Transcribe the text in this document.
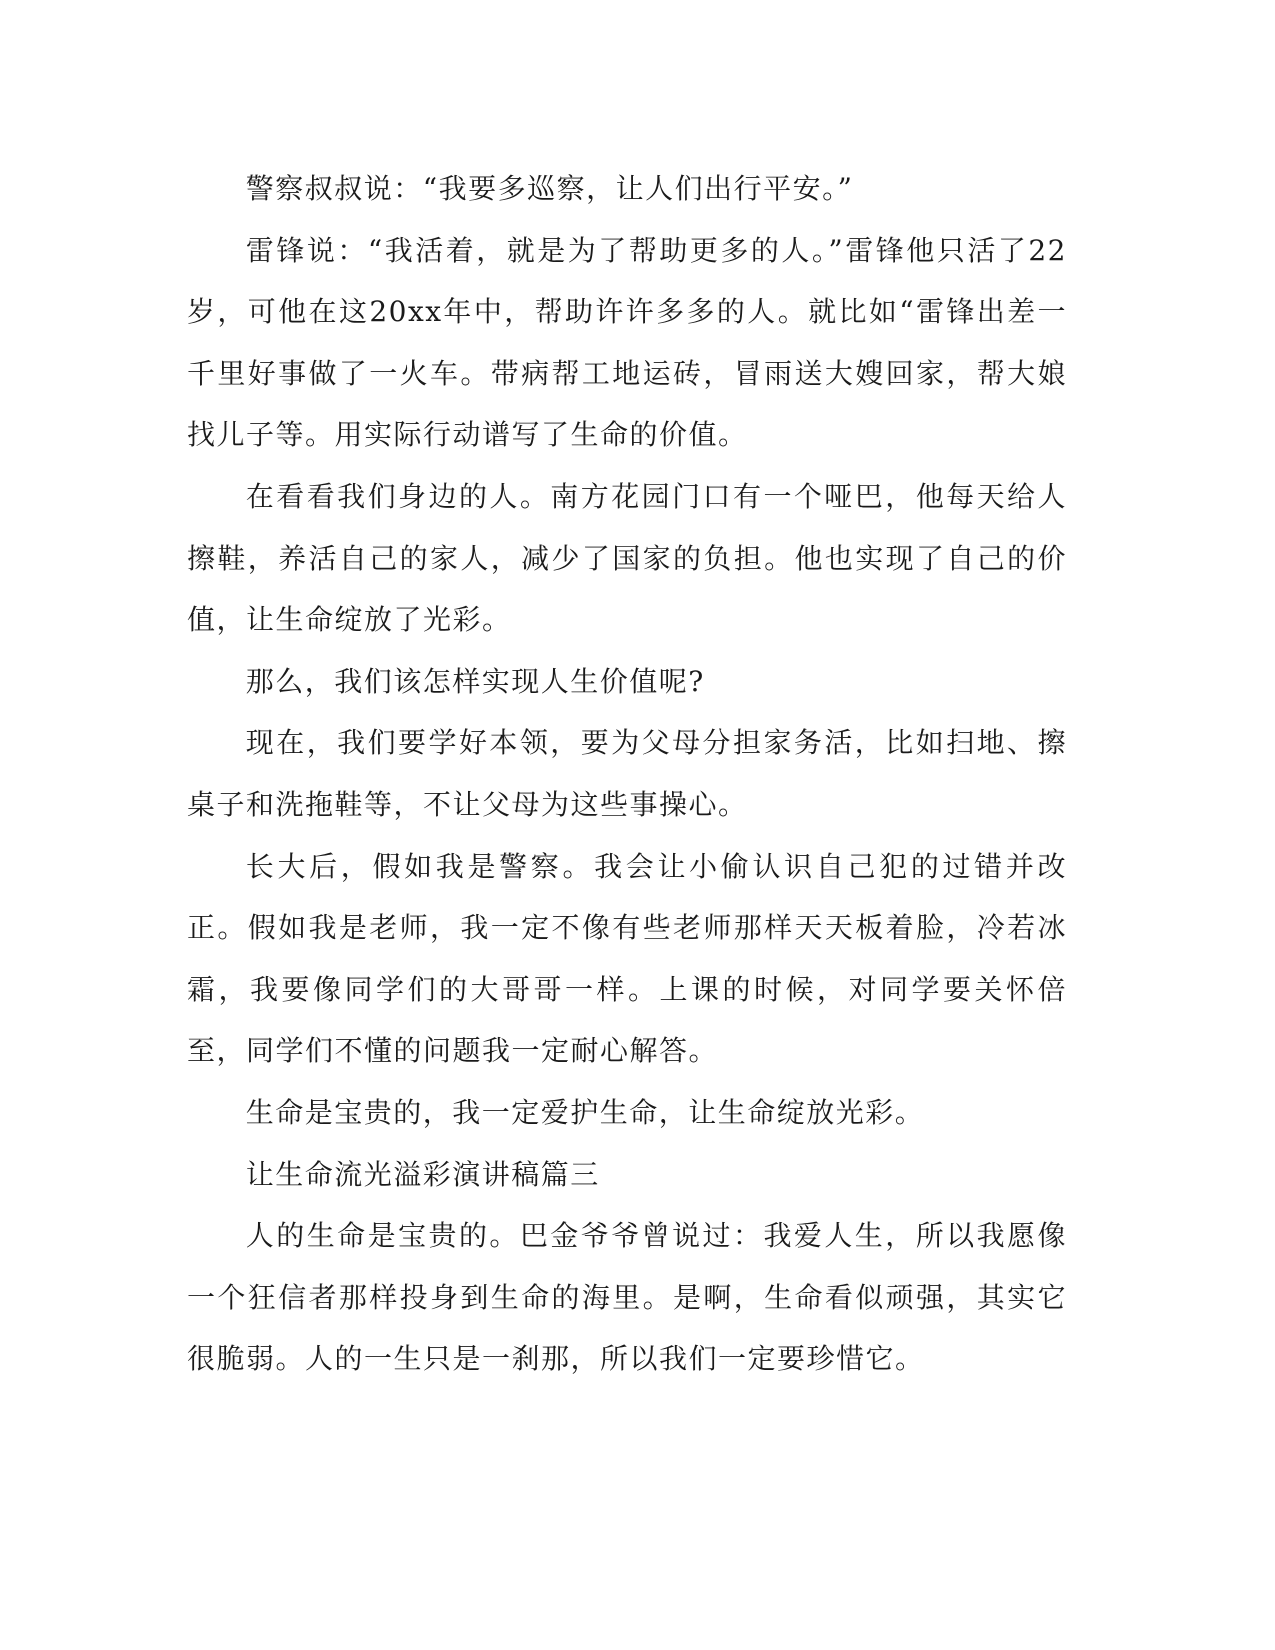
警察叔叔说：“我要多巡察，让人们出行平安。”

雷锋说：“我活着，就是为了帮助更多的人。”雷锋他只活了22岁，可他在这20xx年中，帮助许许多多的人。就比如“雷锋出差一千里好事做了一火车。带病帮工地运砖，冒雨送大嫂回家，帮大娘找儿子等。用实际行动谱写了生命的价值。

在看看我们身边的人。南方花园门口有一个哑巴，他每天给人擦鞋，养活自己的家人，减少了国家的负担。他也实现了自己的价值，让生命绽放了光彩。

那么，我们该怎样实现人生价值呢?

现在，我们要学好本领，要为父母分担家务活，比如扫地、擦桌子和洗拖鞋等，不让父母为这些事操心。

长大后，假如我是警察。我会让小偷认识自己犯的过错并改正。假如我是老师，我一定不像有些老师那样天天板着脸，冷若冰霜，我要像同学们的大哥哥一样。上课的时候，对同学要关怀倍至，同学们不懂的问题我一定耐心解答。

生命是宝贵的，我一定爱护生命，让生命绽放光彩。

让生命流光溢彩演讲稿篇三

人的生命是宝贵的。巴金爷爷曾说过：我爱人生，所以我愿像一个狂信者那样投身到生命的海里。是啊，生命看似顽强，其实它很脆弱。人的一生只是一刹那，所以我们一定要珍惜它。
